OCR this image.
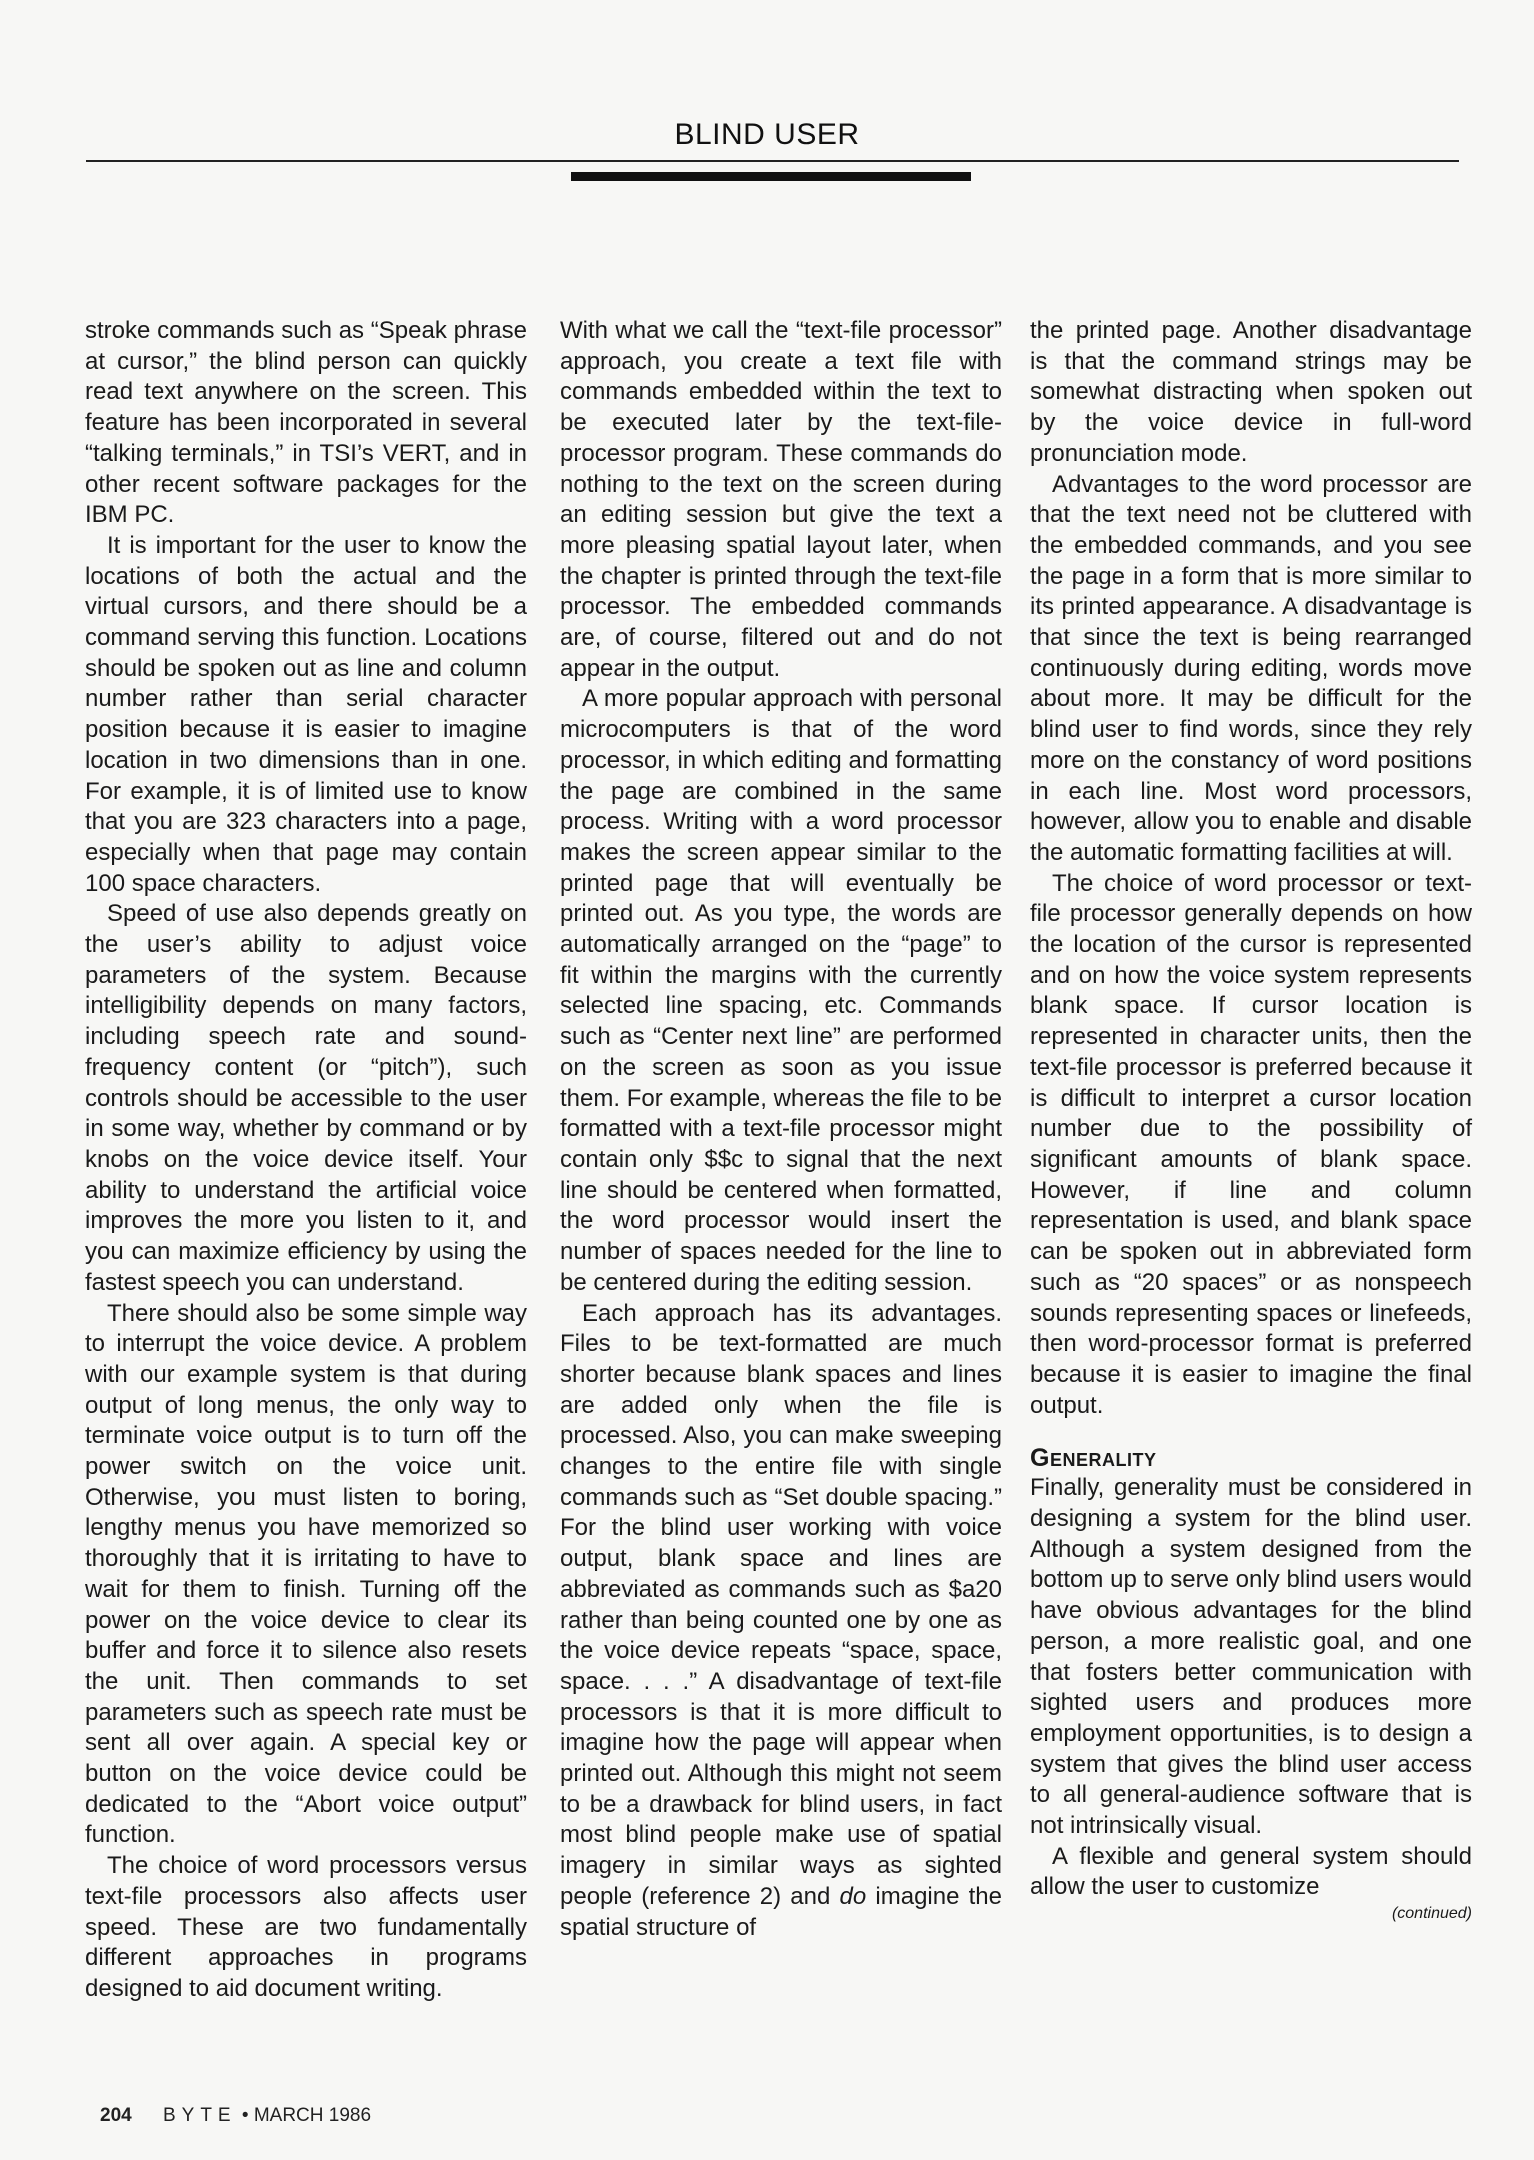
BLIND USER

stroke commands such as “Speak phrase at cursor,” the blind person can quickly read text anywhere on the screen. This feature has been incorporated in several “talking terminals,” in TSI’s VERT, and in other recent software packages for the IBM PC.

It is important for the user to know the locations of both the actual and the virtual cursors, and there should be a command serving this function. Locations should be spoken out as line and column number rather than serial character position because it is easier to imagine location in two dimensions than in one. For example, it is of limited use to know that you are 323 characters into a page, especially when that page may contain 100 space characters.

Speed of use also depends greatly on the user’s ability to adjust voice parameters of the system. Because intelligibility depends on many factors, including speech rate and sound-frequency content (or “pitch”), such controls should be accessible to the user in some way, whether by command or by knobs on the voice device itself. Your ability to understand the artificial voice improves the more you listen to it, and you can maximize efficiency by using the fastest speech you can understand.

There should also be some simple way to interrupt the voice device. A problem with our example system is that during output of long menus, the only way to terminate voice output is to turn off the power switch on the voice unit. Otherwise, you must listen to boring, lengthy menus you have memorized so thoroughly that it is irritating to have to wait for them to finish. Turning off the power on the voice device to clear its buffer and force it to silence also resets the unit. Then commands to set parameters such as speech rate must be sent all over again. A special key or button on the voice device could be dedicated to the “Abort voice output” function.

The choice of word processors versus text-file processors also affects user speed. These are two fundamentally different approaches in programs designed to aid document writing.

With what we call the “text-file processor” approach, you create a text file with commands embedded within the text to be executed later by the text-file-processor program. These commands do nothing to the text on the screen during an editing session but give the text a more pleasing spatial layout later, when the chapter is printed through the text-file processor. The embedded commands are, of course, filtered out and do not appear in the output.

A more popular approach with personal microcomputers is that of the word processor, in which editing and formatting the page are combined in the same process. Writing with a word processor makes the screen appear similar to the printed page that will eventually be printed out. As you type, the words are automatically arranged on the “page” to fit within the margins with the currently selected line spacing, etc. Commands such as “Center next line” are performed on the screen as soon as you issue them. For example, whereas the file to be formatted with a text-file processor might contain only $$c to signal that the next line should be centered when formatted, the word processor would insert the number of spaces needed for the line to be centered during the editing session.

Each approach has its advantages. Files to be text-formatted are much shorter because blank spaces and lines are added only when the file is processed. Also, you can make sweeping changes to the entire file with single commands such as “Set double spacing.” For the blind user working with voice output, blank space and lines are abbreviated as commands such as $a20 rather than being counted one by one as the voice device repeats “space, space, space. . . .” A disadvantage of text-file processors is that it is more difficult to imagine how the page will appear when printed out. Although this might not seem to be a drawback for blind users, in fact most blind people make use of spatial imagery in similar ways as sighted people (reference 2) and do imagine the spatial structure of

the printed page. Another disadvantage is that the command strings may be somewhat distracting when spoken out by the voice device in full-word pronunciation mode.

Advantages to the word processor are that the text need not be cluttered with the embedded commands, and you see the page in a form that is more similar to its printed appearance. A disadvantage is that since the text is being rearranged continuously during editing, words move about more. It may be difficult for the blind user to find words, since they rely more on the constancy of word positions in each line. Most word processors, however, allow you to enable and disable the automatic formatting facilities at will.

The choice of word processor or text-file processor generally depends on how the location of the cursor is represented and on how the voice system represents blank space. If cursor location is represented in character units, then the text-file processor is preferred because it is difficult to interpret a cursor location number due to the possibility of significant amounts of blank space. However, if line and column representation is used, and blank space can be spoken out in abbreviated form such as “20 spaces” or as nonspeech sounds representing spaces or linefeeds, then word-processor format is preferred because it is easier to imagine the final output.

Generality

Finally, generality must be considered in designing a system for the blind user. Although a system designed from the bottom up to serve only blind users would have obvious advantages for the blind person, a more realistic goal, and one that fosters better communication with sighted users and produces more employment opportunities, is to design a system that gives the blind user access to all general-audience software that is not intrinsically visual.

A flexible and general system should allow the user to customize

(continued)
204 BYTE • MARCH 1986
